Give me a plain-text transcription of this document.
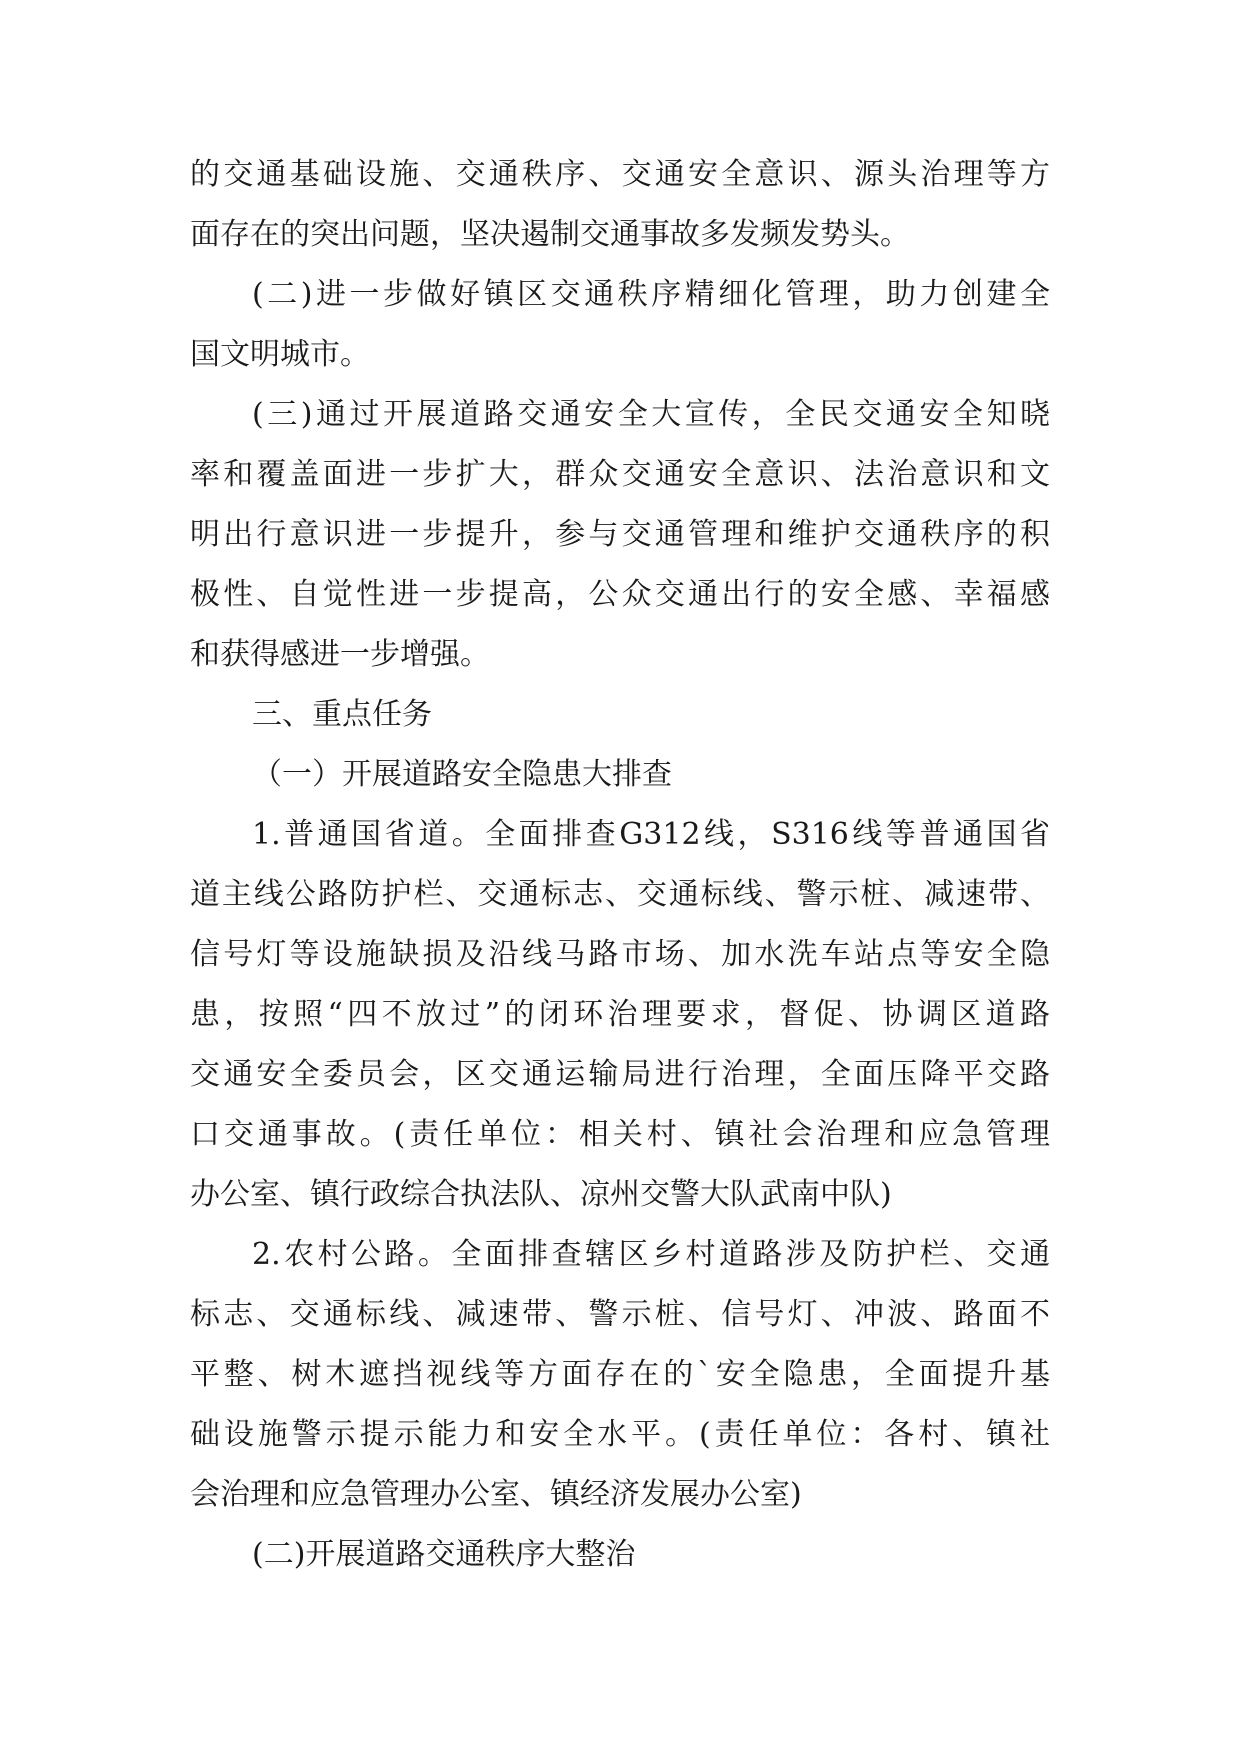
的交通基础设施、交通秩序、交通安全意识、源头治理等方
面存在的突出问题，坚决遏制交通事故多发频发势头。
(二)进一步做好镇区交通秩序精细化管理，助力创建全
国文明城市。
(三)通过开展道路交通安全大宣传，全民交通安全知晓
率和覆盖面进一步扩大，群众交通安全意识、法治意识和文
明出行意识进一步提升，参与交通管理和维护交通秩序的积
极性、自觉性进一步提高，公众交通出行的安全感、幸福感
和获得感进一步增强。
三、重点任务
（一）开展道路安全隐患大排查
1.普通国省道。全面排查G312线，S316线等普通国省
道主线公路防护栏、交通标志、交通标线、警示桩、减速带、
信号灯等设施缺损及沿线马路市场、加水洗车站点等安全隐
患，按照“四不放过”的闭环治理要求，督促、协调区道路
交通安全委员会，区交通运输局进行治理，全面压降平交路
口交通事故。(责任单位：相关村、镇社会治理和应急管理
办公室、镇行政综合执法队、凉州交警大队武南中队)
2.农村公路。全面排查辖区乡村道路涉及防护栏、交通
标志、交通标线、减速带、警示桩、信号灯、冲波、路面不
平整、树木遮挡视线等方面存在的`安全隐患，全面提升基
础设施警示提示能力和安全水平。(责任单位：各村、镇社
会治理和应急管理办公室、镇经济发展办公室)
(二)开展道路交通秩序大整治
